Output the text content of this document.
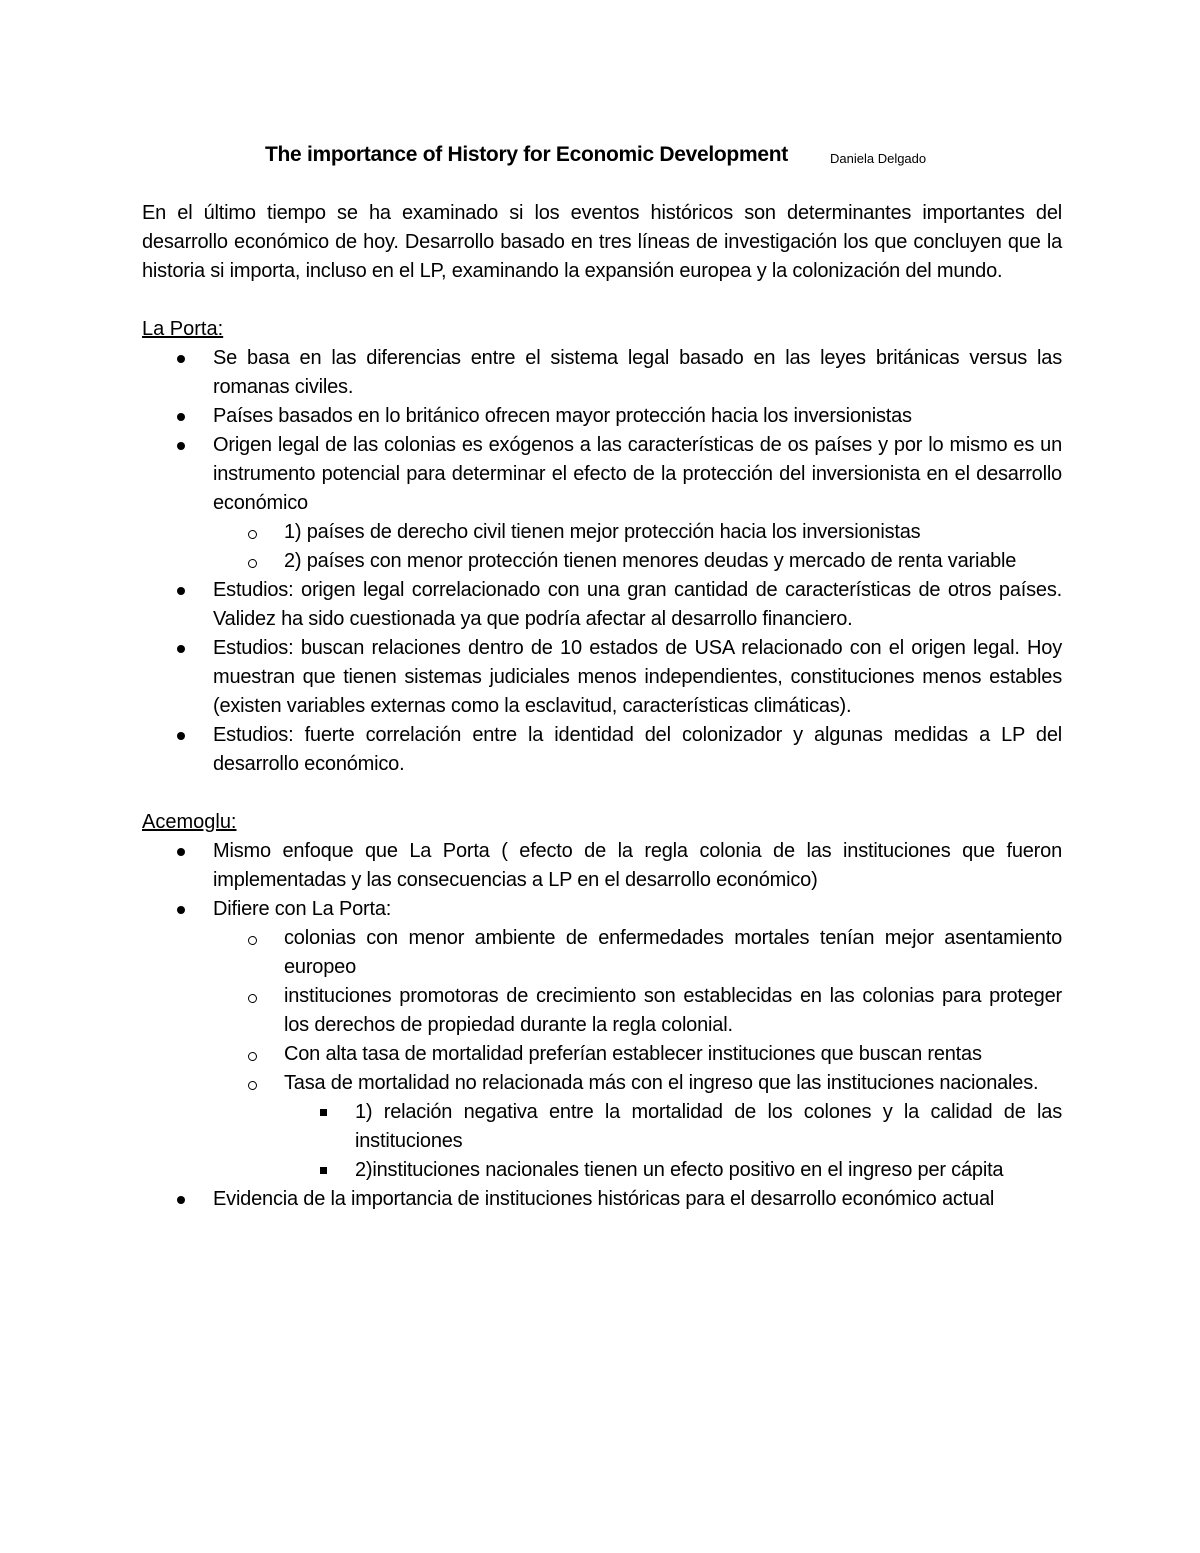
The importance of History for Economic Development	Daniela Delgado

En el último tiempo se ha examinado si los eventos históricos son determinantes importantes del desarrollo económico de hoy. Desarrollo basado en tres líneas de investigación los que concluyen que la historia si importa, incluso en el LP, examinando la expansión europea y la colonización del mundo.

La Porta:
Se basa en las diferencias entre el sistema legal basado en las leyes británicas versus las romanas civiles.
Países basados en lo británico ofrecen mayor protección hacia los inversionistas
Origen legal de las colonias es exógenos a las características de os países y por lo mismo es un instrumento potencial para determinar el efecto de la protección del inversionista en el desarrollo económico
1) países de derecho civil tienen mejor protección hacia los inversionistas
2) países con menor protección tienen menores deudas y mercado de renta variable
Estudios: origen legal correlacionado con una gran cantidad de características de otros países. Validez ha sido cuestionada ya que podría afectar al desarrollo financiero.
Estudios: buscan relaciones dentro de 10 estados de USA relacionado con el origen legal. Hoy muestran que tienen sistemas judiciales menos independientes, constituciones menos estables (existen variables externas como la esclavitud, características climáticas).
Estudios: fuerte correlación entre la identidad del colonizador y algunas medidas a LP del desarrollo económico.
Acemoglu:
Mismo enfoque que La Porta ( efecto de la regla colonia de las instituciones que fueron implementadas y las consecuencias a LP en el desarrollo económico)
Difiere con La Porta:
colonias con menor ambiente de enfermedades mortales tenían mejor asentamiento europeo
instituciones promotoras de crecimiento son establecidas en las colonias para proteger los derechos de propiedad durante la regla colonial.
Con alta tasa de mortalidad preferían establecer instituciones que buscan rentas
Tasa de mortalidad no relacionada más con el ingreso que las instituciones nacionales.
1) relación negativa entre la mortalidad de los colones y la calidad de las instituciones
2)instituciones nacionales tienen un efecto positivo en el ingreso per cápita
Evidencia de la importancia de instituciones históricas para el desarrollo económico actual
